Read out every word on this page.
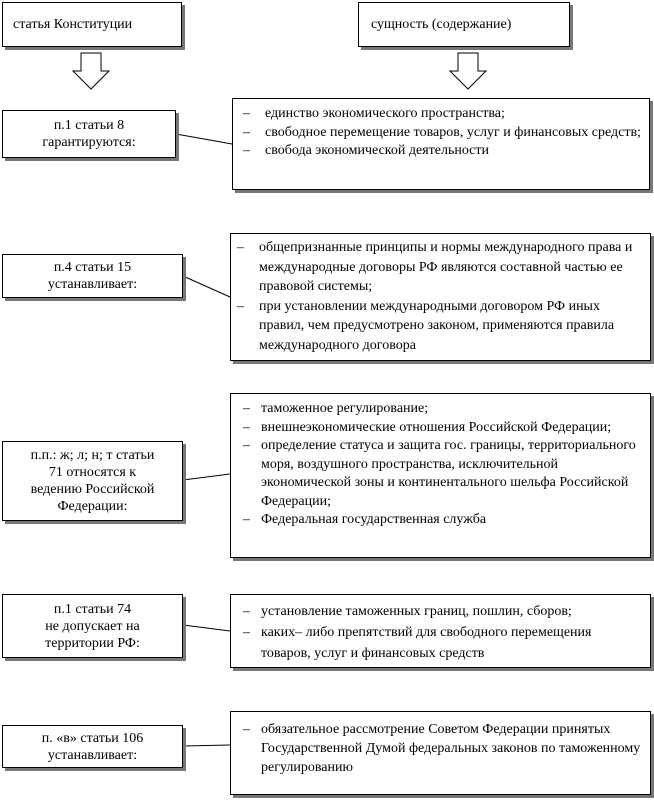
статья Конституции	сущность (содержание)
п.1 статьи 8
гарантируются:
– единство экономического пространства;
– свободное перемещение товаров, услуг и финансовых средств;
– свобода экономической деятельности
п.4 статьи 15
устанавливает:
– общепризнанные принципы и нормы международного права и международные договоры РФ являются составной частью ее правовой системы;
– при установлении международными договором РФ иных правил, чем предусмотрено законом, применяются правила международного договора
п.п.: ж; л; н; т статьи
71 относятся к
ведению Российской
Федерации:
– таможенное регулирование;
– внешнеэкономические отношения Российской Федерации;
– определение статуса и защита гос. границы, территориального моря, воздушного пространства, исключительной экономической зоны и континентального шельфа Российской Федерации;
– Федеральная государственная служба
п.1 статьи 74
не допускает на
территории РФ:
– установление таможенных границ, пошлин, сборов;
– каких– либо препятствий для свободного перемещения товаров, услуг и финансовых средств
п. «в» статьи 106
устанавливает:
– обязательное рассмотрение Советом Федерации принятых Государственной Думой федеральных законов по таможенному регулированию
